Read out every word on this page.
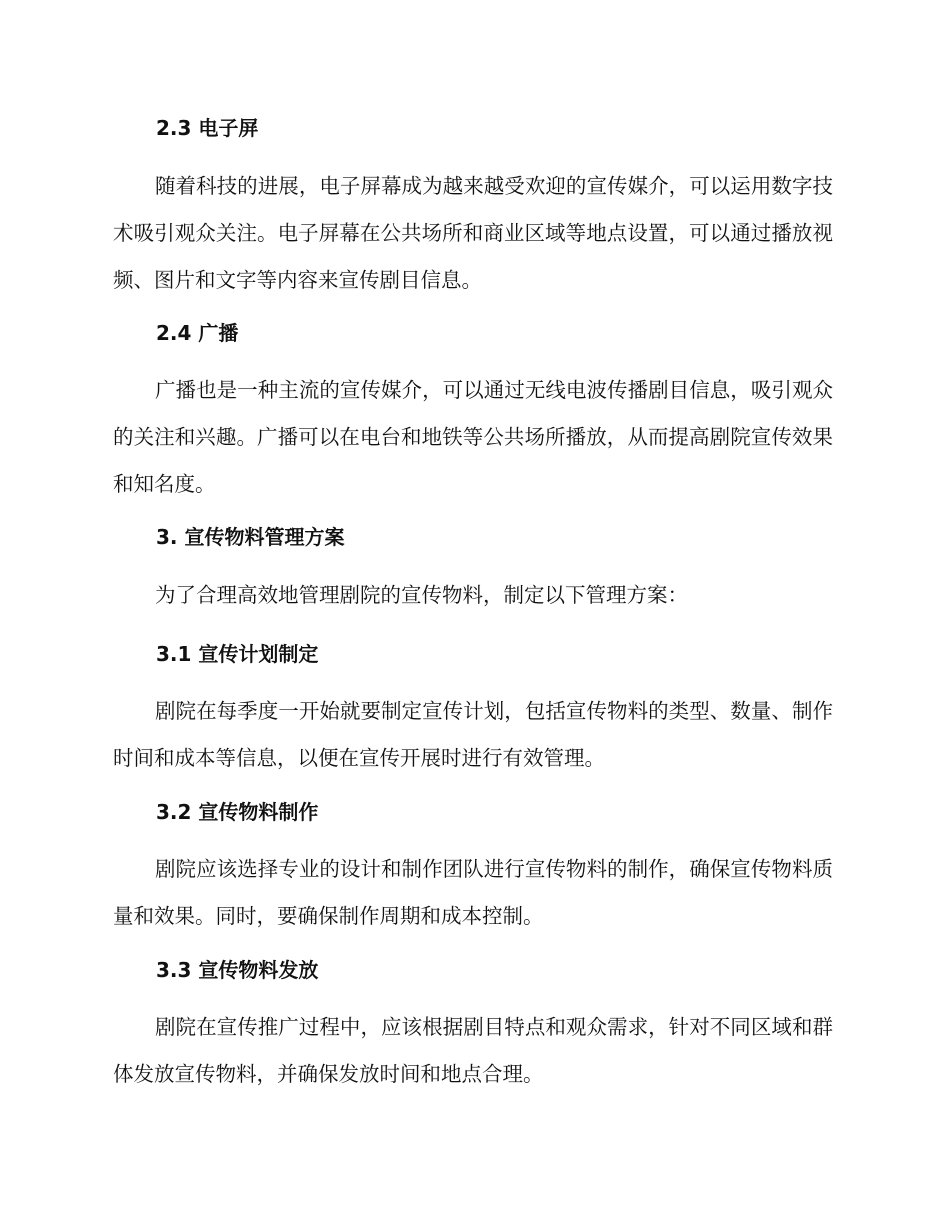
2.3 电子屏
随着科技的进展，电子屏幕成为越来越受欢迎的宣传媒介，可以运用数字技术吸引观众关注。电子屏幕在公共场所和商业区域等地点设置，可以通过播放视频、图片和文字等内容来宣传剧目信息。
2.4 广播
广播也是一种主流的宣传媒介，可以通过无线电波传播剧目信息，吸引观众的关注和兴趣。广播可以在电台和地铁等公共场所播放，从而提高剧院宣传效果和知名度。
3. 宣传物料管理方案
为了合理高效地管理剧院的宣传物料，制定以下管理方案：
3.1 宣传计划制定
剧院在每季度一开始就要制定宣传计划，包括宣传物料的类型、数量、制作时间和成本等信息，以便在宣传开展时进行有效管理。
3.2 宣传物料制作
剧院应该选择专业的设计和制作团队进行宣传物料的制作，确保宣传物料质量和效果。同时，要确保制作周期和成本控制。
3.3 宣传物料发放
剧院在宣传推广过程中，应该根据剧目特点和观众需求，针对不同区域和群体发放宣传物料，并确保发放时间和地点合理。
